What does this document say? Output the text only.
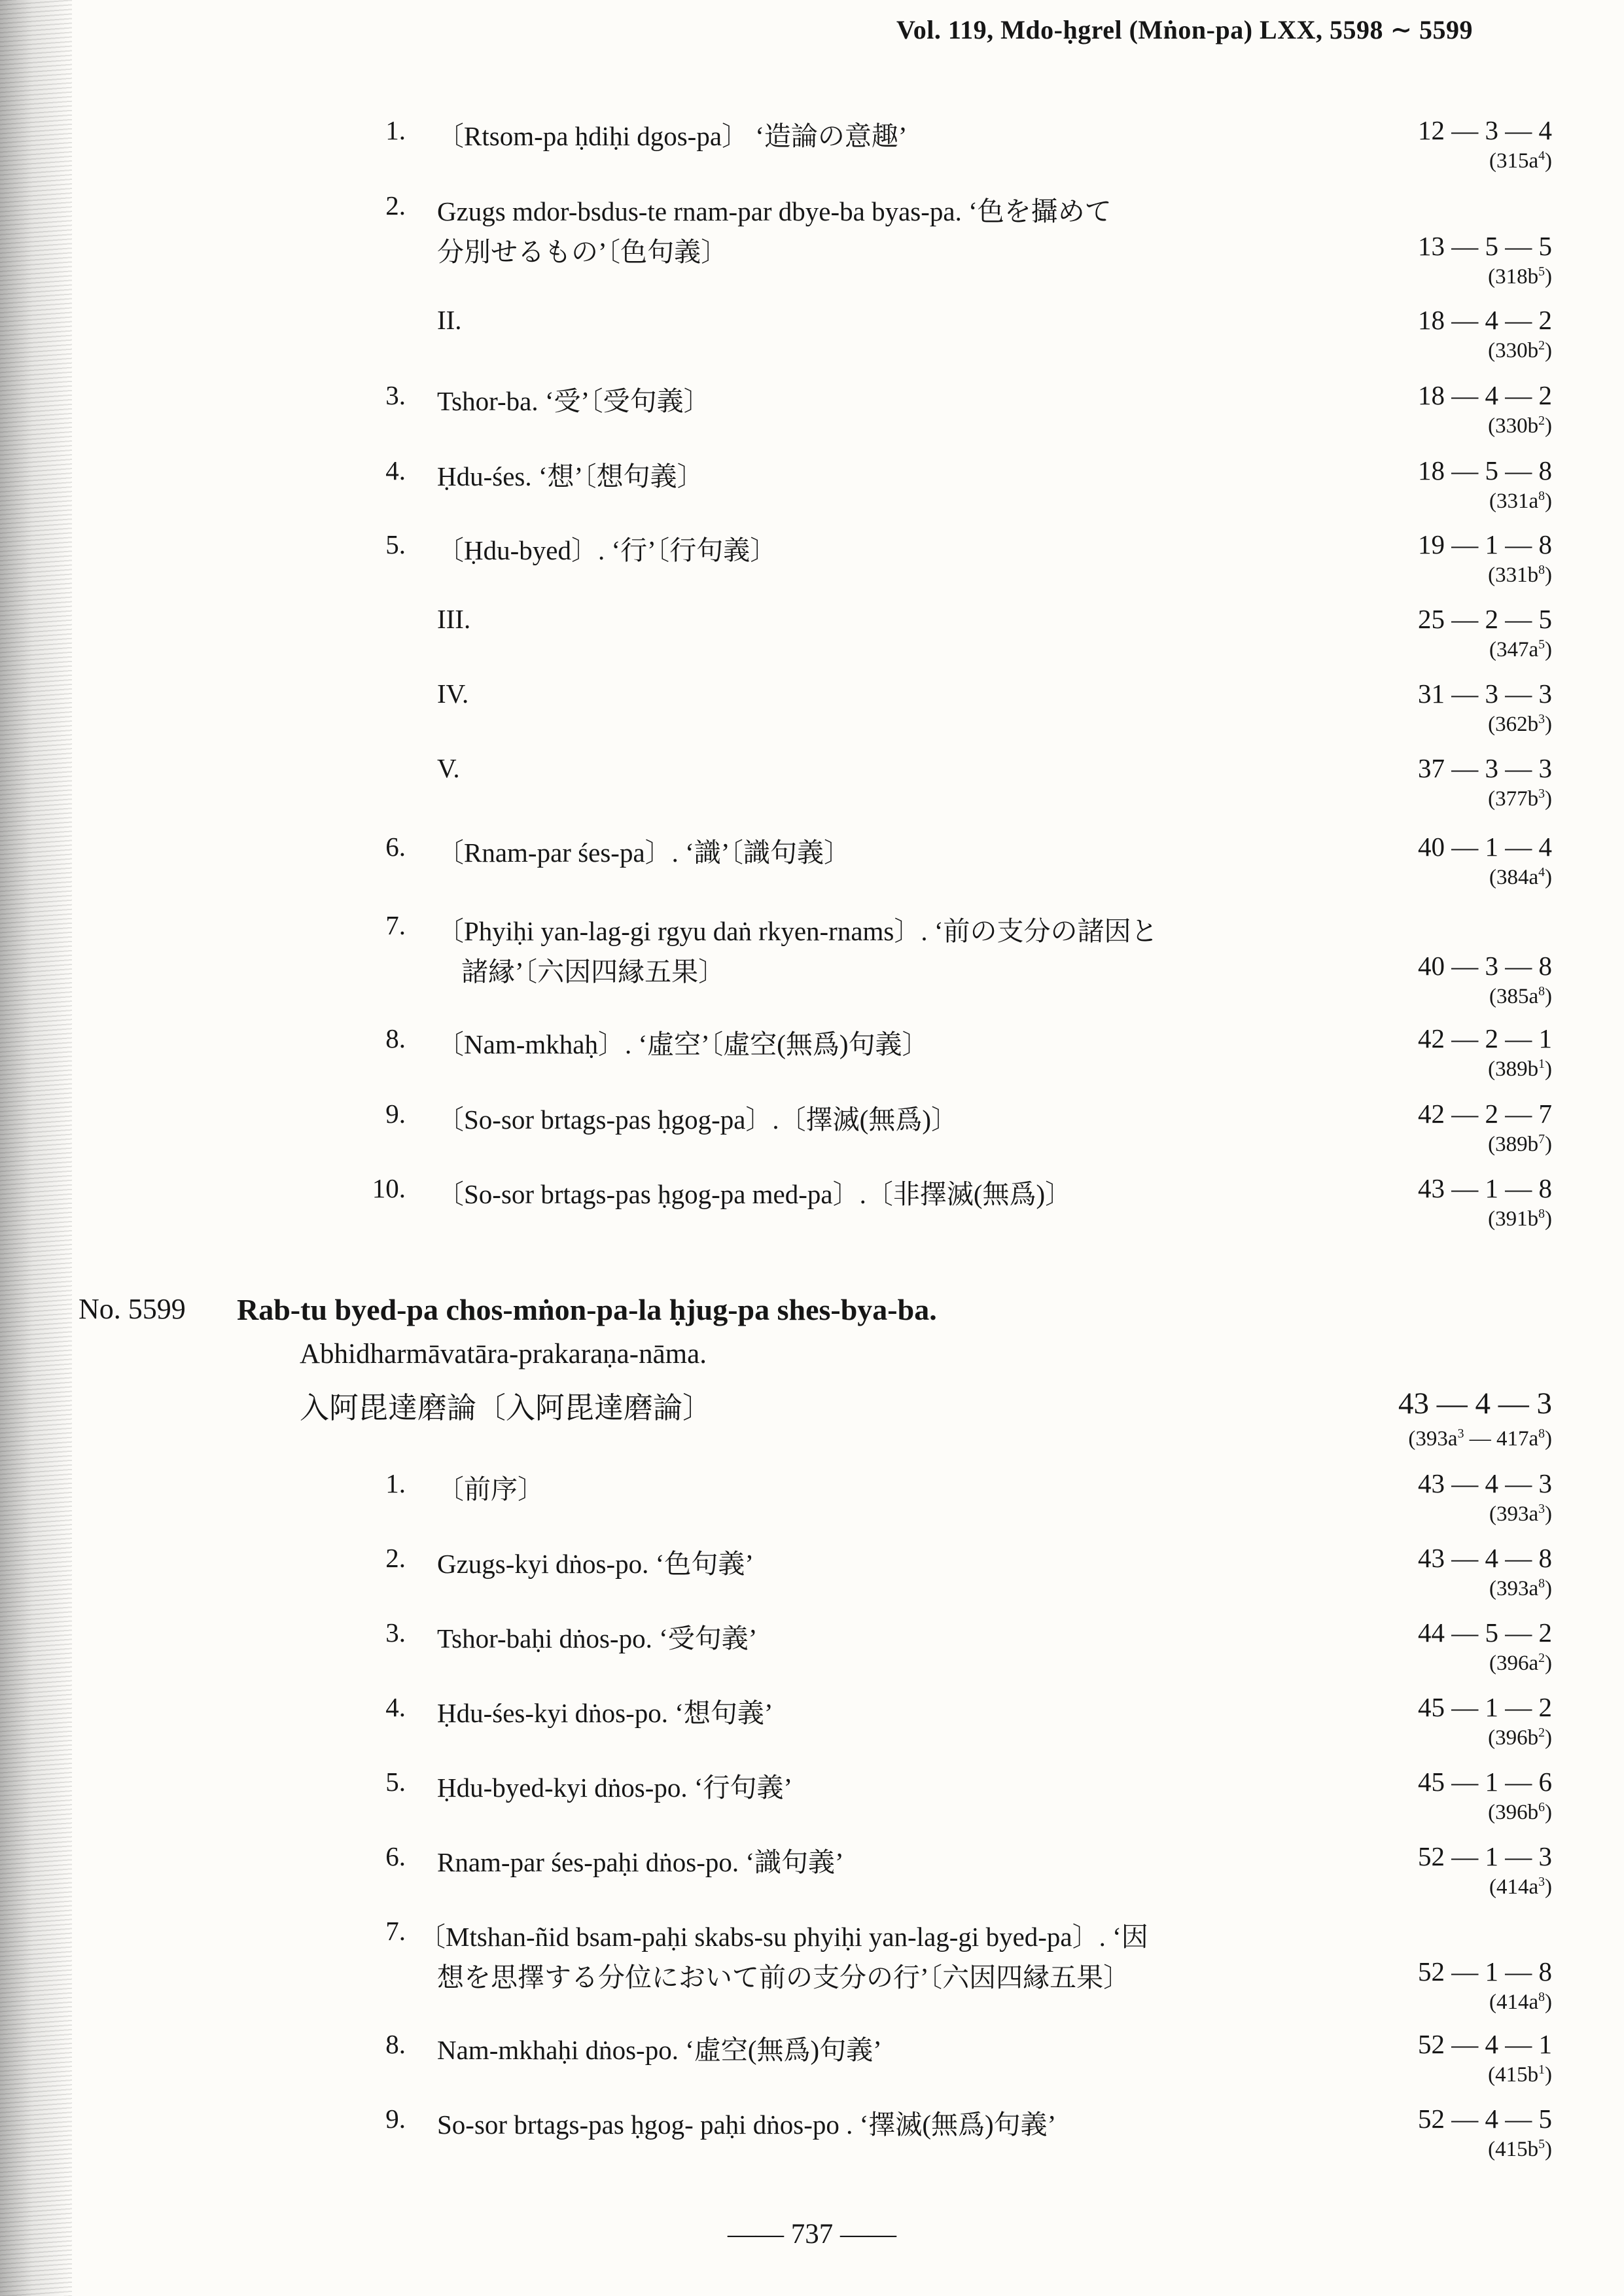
Vol. 119, Mdo-ḥgrel (Mṅon-pa) LXX, 5598 ∼ 5599
1. 〔Rtsom-pa ḥdiḥi dgos-pa〕 ‘造論の意趣’	12 — 3 — 4
$(315a^4)$
2. Gzugs mdor-bsdus-te rnam-par dbye-ba byas-pa. ‘色を攝めて
分別せるもの’〔色句義〕	13 — 5 — 5
$(318b^5)$
II.	18 — 4 — 2
$(330b^2)$
3. Tshor-ba. ‘受’〔受句義〕	18 — 4 — 2
$(330b^2)$
4. Ḥdu-śes. ‘想’〔想句義〕	18 — 5 — 8
$(331a^8)$
5. 〔Ḥdu-byed〕. ‘行’〔行句義〕	19 — 1 — 8
$(331b^8)$
III.	25 — 2 — 5
$(347a^5)$
IV.	31 — 3 — 3
$(362b^3)$
V.	37 — 3 — 3
$(377b^3)$
6. 〔Rnam-par śes-pa〕. ‘識’〔識句義〕	40 — 1 — 4
$(384a^4)$
7. 〔Phyiḥi yan-lag-gi rgyu daṅ rkyen-rnams〕. ‘前の支分の諸因と
諸縁’〔六因四縁五果〕	40 — 3 — 8
$(385a^8)$
8. 〔Nam-mkhaḥ〕. ‘虛空’〔虛空(無爲)句義〕	42 — 2 — 1
$(389b^1)$
9. 〔So-sor brtags-pas ḥgog-pa〕.〔擇滅(無爲)〕	42 — 2 — 7
$(389b^7)$
10. 〔So-sor brtags-pas ḥgog-pa med-pa〕.〔非擇滅(無爲)〕	43 — 1 — 8
$(391b^8)$
No. 5599 Rab-tu byed-pa chos-mṅon-pa-la ḥjug-pa shes-bya-ba.
Abhidharmāvatāra-prakaraṇa-nāma.
入阿毘達磨論〔入阿毘達磨論〕	43 — 4 — 3
($393a^3$ — $417a^8$)
1. 〔前序〕	43 — 4 — 3
$(393a^3)$
2. Gzugs-kyi dṅos-po. ‘色句義’	43 — 4 — 8
$(393a^8)$
3. Tshor-baḥi dṅos-po. ‘受句義’	44 — 5 — 2
$(396a^2)$
4. Ḥdu-śes-kyi dṅos-po. ‘想句義’	45 — 1 — 2
$(396b^2)$
5. Ḥdu-byed-kyi dṅos-po. ‘行句義’	45 — 1 — 6
$(396b^6)$
6. Rnam-par śes-paḥi dṅos-po. ‘識句義’	52 — 1 — 3
$(414a^3)$
7. 〔Mtshan-ñid bsam-paḥi skabs-su phyiḥi yan-lag-gi byed-pa〕. ‘因
想を思擇する分位において前の支分の行’〔六因四縁五果〕	52 — 1 — 8
$(414a^8)$
8. Nam-mkhaḥi dṅos-po. ‘虛空(無爲)句義’	52 — 4 — 1
$(415b^1)$
9. So-sor brtags-pas ḥgog- paḥi dṅos-po . ‘擇滅(無爲)句義’	52 — 4 — 5
$(415b^5)$
—— 737 ——
